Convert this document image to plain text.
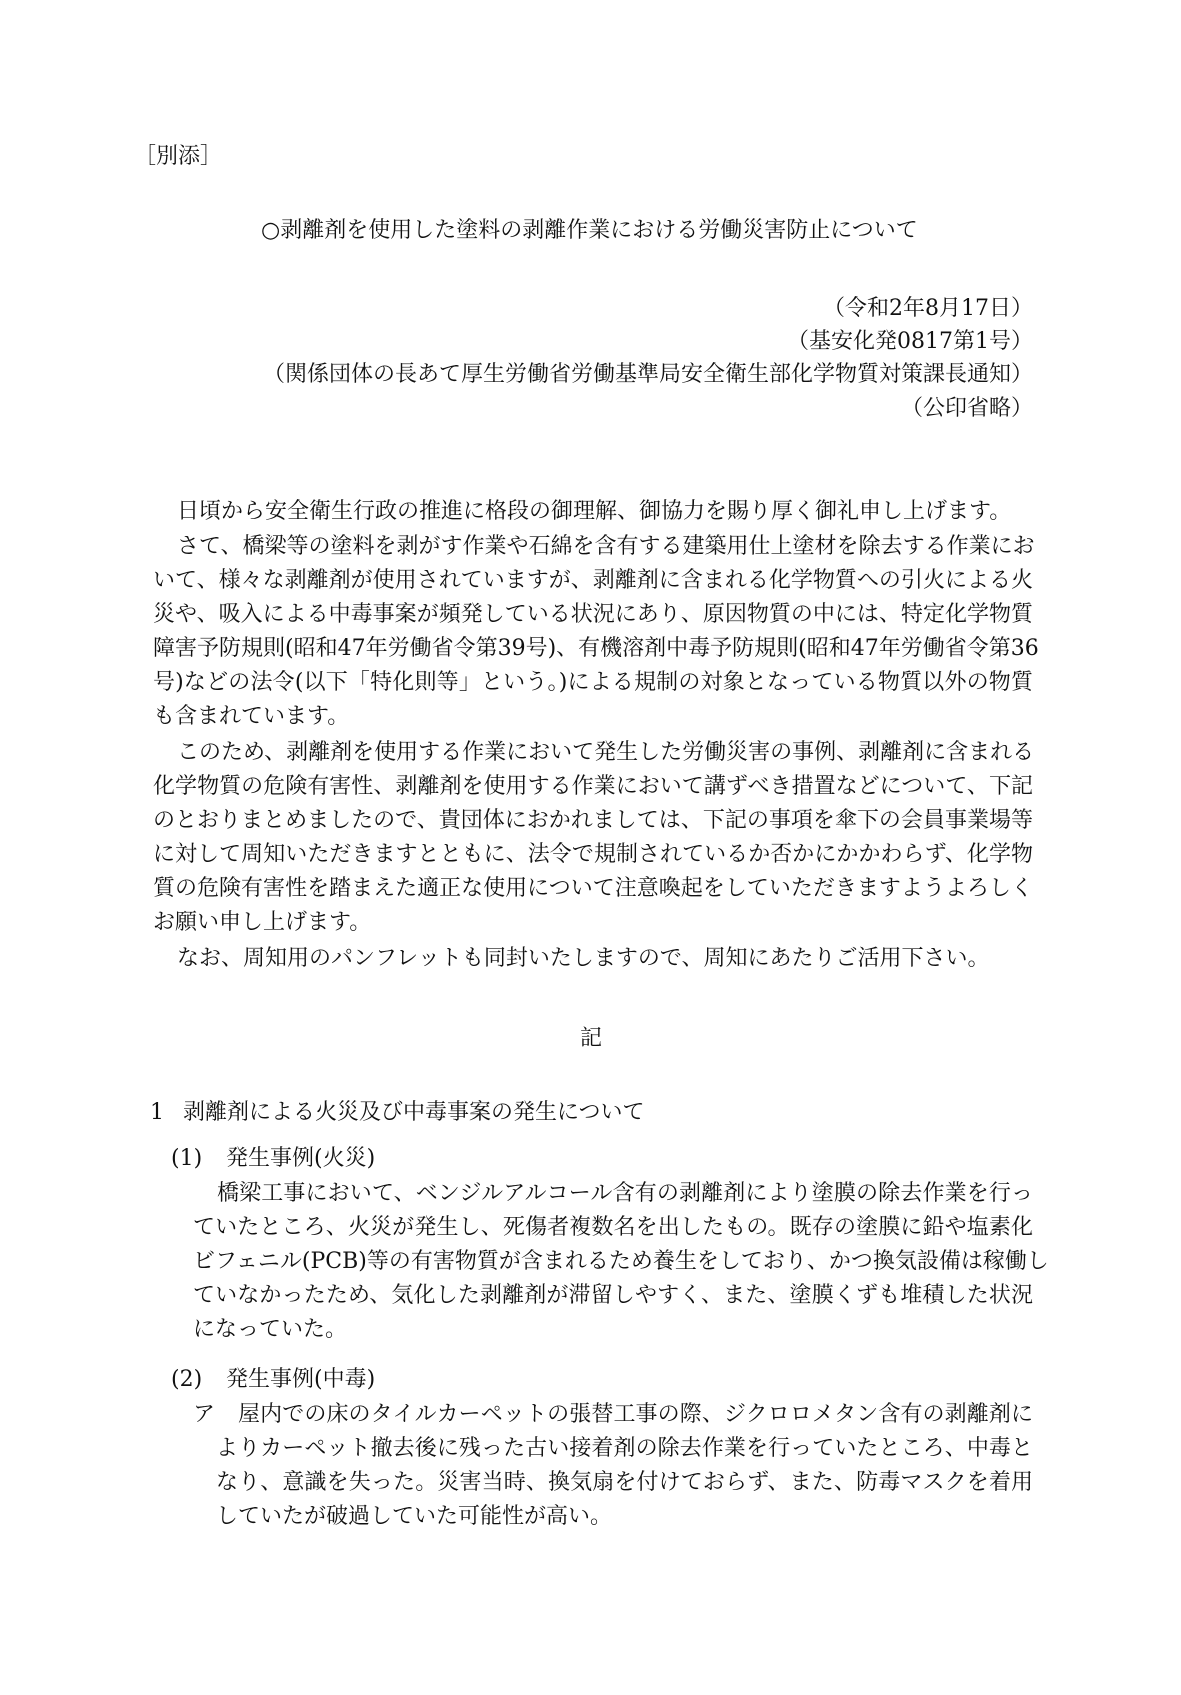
［別添］
○剥離剤を使用した塗料の剥離作業における労働災害防止について
（令和2年8月17日）
（基安化発0817第1号）
（関係団体の長あて厚生労働省労働基準局安全衛生部化学物質対策課長通知）
（公印省略）
日頃から安全衛生行政の推進に格段の御理解、御協力を賜り厚く御礼申し上げます。
さて、橋梁等の塗料を剥がす作業や石綿を含有する建築用仕上塗材を除去する作業にお
いて、様々な剥離剤が使用されていますが、剥離剤に含まれる化学物質への引火による火
災や、吸入による中毒事案が頻発している状況にあり、原因物質の中には、特定化学物質
障害予防規則(昭和47年労働省令第39号)、有機溶剤中毒予防規則(昭和47年労働省令第36
号)などの法令(以下「特化則等」という。)による規制の対象となっている物質以外の物質
も含まれています。
このため、剥離剤を使用する作業において発生した労働災害の事例、剥離剤に含まれる
化学物質の危険有害性、剥離剤を使用する作業において講ずべき措置などについて、下記
のとおりまとめましたので、貴団体におかれましては、下記の事項を傘下の会員事業場等
に対して周知いただきますとともに、法令で規制されているか否かにかかわらず、化学物
質の危険有害性を踏まえた適正な使用について注意喚起をしていただきますようよろしく
お願い申し上げます。
なお、周知用のパンフレットも同封いたしますので、周知にあたりご活用下さい。
記
1 剥離剤による火災及び中毒事案の発生について
(1) 発生事例(火災)
橋梁工事において、ベンジルアルコール含有の剥離剤により塗膜の除去作業を行っ
ていたところ、火災が発生し、死傷者複数名を出したもの。既存の塗膜に鉛や塩素化
ビフェニル(PCB)等の有害物質が含まれるため養生をしており、かつ換気設備は稼働し
ていなかったため、気化した剥離剤が滞留しやすく、また、塗膜くずも堆積した状況
になっていた。
(2) 発生事例(中毒)
ア 屋内での床のタイルカーペットの張替工事の際、ジクロロメタン含有の剥離剤に
よりカーペット撤去後に残った古い接着剤の除去作業を行っていたところ、中毒と
なり、意識を失った。災害当時、換気扇を付けておらず、また、防毒マスクを着用
していたが破過していた可能性が高い。
